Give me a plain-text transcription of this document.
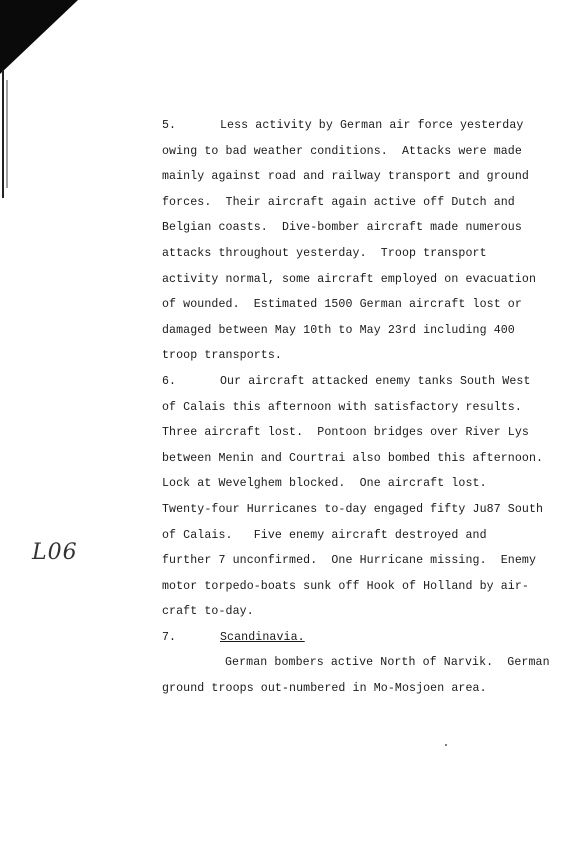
5.	Less activity by German air force yesterday
owing to bad weather conditions.  Attacks were made
mainly against road and railway transport and ground
forces.  Their aircraft again active off Dutch and
Belgian coasts.  Dive-bomber aircraft made numerous
attacks throughout yesterday.  Troop transport
activity normal, some aircraft employed on evacuation
of wounded.  Estimated 1500 German aircraft lost or
damaged between May 10th to May 23rd including 400
troop transports.
6.	Our aircraft attacked enemy tanks South West
of Calais this afternoon with satisfactory results.
Three aircraft lost.  Pontoon bridges over River Lys
between Menin and Courtrai also bombed this afternoon.
Lock at Wevelghem blocked.  One aircraft lost.
Twenty-four Hurricanes to-day engaged fifty Ju87 South
of Calais.   Five enemy aircraft destroyed and
further 7 unconfirmed.  One Hurricane missing.  Enemy
motor torpedo-boats sunk off Hook of Holland by air-
craft to-day.
7.	Scandinavia.
German bombers active North of Narvik.  German
ground troops out-numbered in Mo-Mosjoen area.
L06
